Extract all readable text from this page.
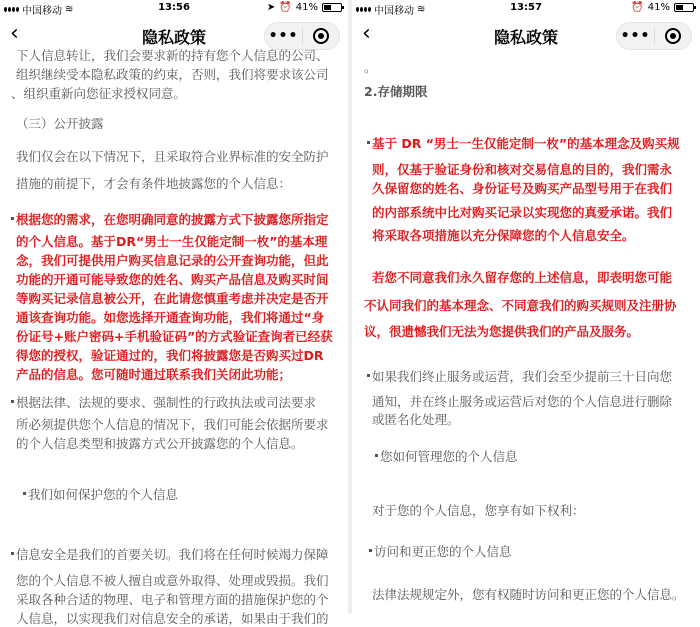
中国移动 ≋	13:56	➤ ⏰ 41%
‹	隐私政策	•••
下人信息转让，我们会要求新的持有您个人信息的公司、
组织继续受本隐私政策的约束，否则，我们将要求该公司
、组织重新向您征求授权同意。
（三）公开披露
我们仅会在以下情况下，且采取符合业界标准的安全防护
措施的前提下，才会有条件地披露您的个人信息：
根据您的需求，在您明确同意的披露方式下披露您所指定
的个人信息。基于DR“男士一生仅能定制一枚”的基本理
念，我们可提供用户购买信息记录的公开查询功能，但此
功能的开通可能导致您的姓名、购买产品信息及购买时间
等购买记录信息被公开，在此请您慎重考虑并决定是否开
通该查询功能。如您选择开通查询功能，我们将通过“身
份证号+账户密码+手机验证码”的方式验证查询者已经获
得您的授权，验证通过的，我们将披露您是否购买过DR
产品的信息。您可随时通过联系我们关闭此功能；
根据法律、法规的要求、强制性的行政执法或司法要求
所必须提供您个人信息的情况下，我们可能会依据所要求
的个人信息类型和披露方式公开披露您的个人信息。
我们如何保护您的个人信息
信息安全是我们的首要关切。我们将在任何时候竭力保障
您的个人信息不被人擅自或意外取得、处理或毁损。我们
采取各种合适的物理、电子和管理方面的措施保护您的个
人信息，以实现我们对信息安全的承诺，如果由于我们的
中国移动 ≋	13:57	⏰ 41%
‹	隐私政策	•••
。
2.存储期限
基于 DR “男士一生仅能定制一枚”的基本理念及购买规
则，仅基于验证身份和核对交易信息的目的，我们需永
久保留您的姓名、身份证号及购买产品型号用于在我们
的内部系统中比对购买记录以实现您的真爱承诺。我们
将采取各项措施以充分保障您的个人信息安全。
若您不同意我们永久留存您的上述信息，即表明您可能
不认同我们的基本理念、不同意我们的购买规则及注册协
议，很遗憾我们无法为您提供我们的产品及服务。
如果我们终止服务或运营，我们会至少提前三十日向您
通知，并在终止服务或运营后对您的个人信息进行删除
或匿名化处理。
您如何管理您的个人信息
对于您的个人信息，您享有如下权利：
访问和更正您的个人信息
法律法规规定外，您有权随时访问和更正您的个人信息。
